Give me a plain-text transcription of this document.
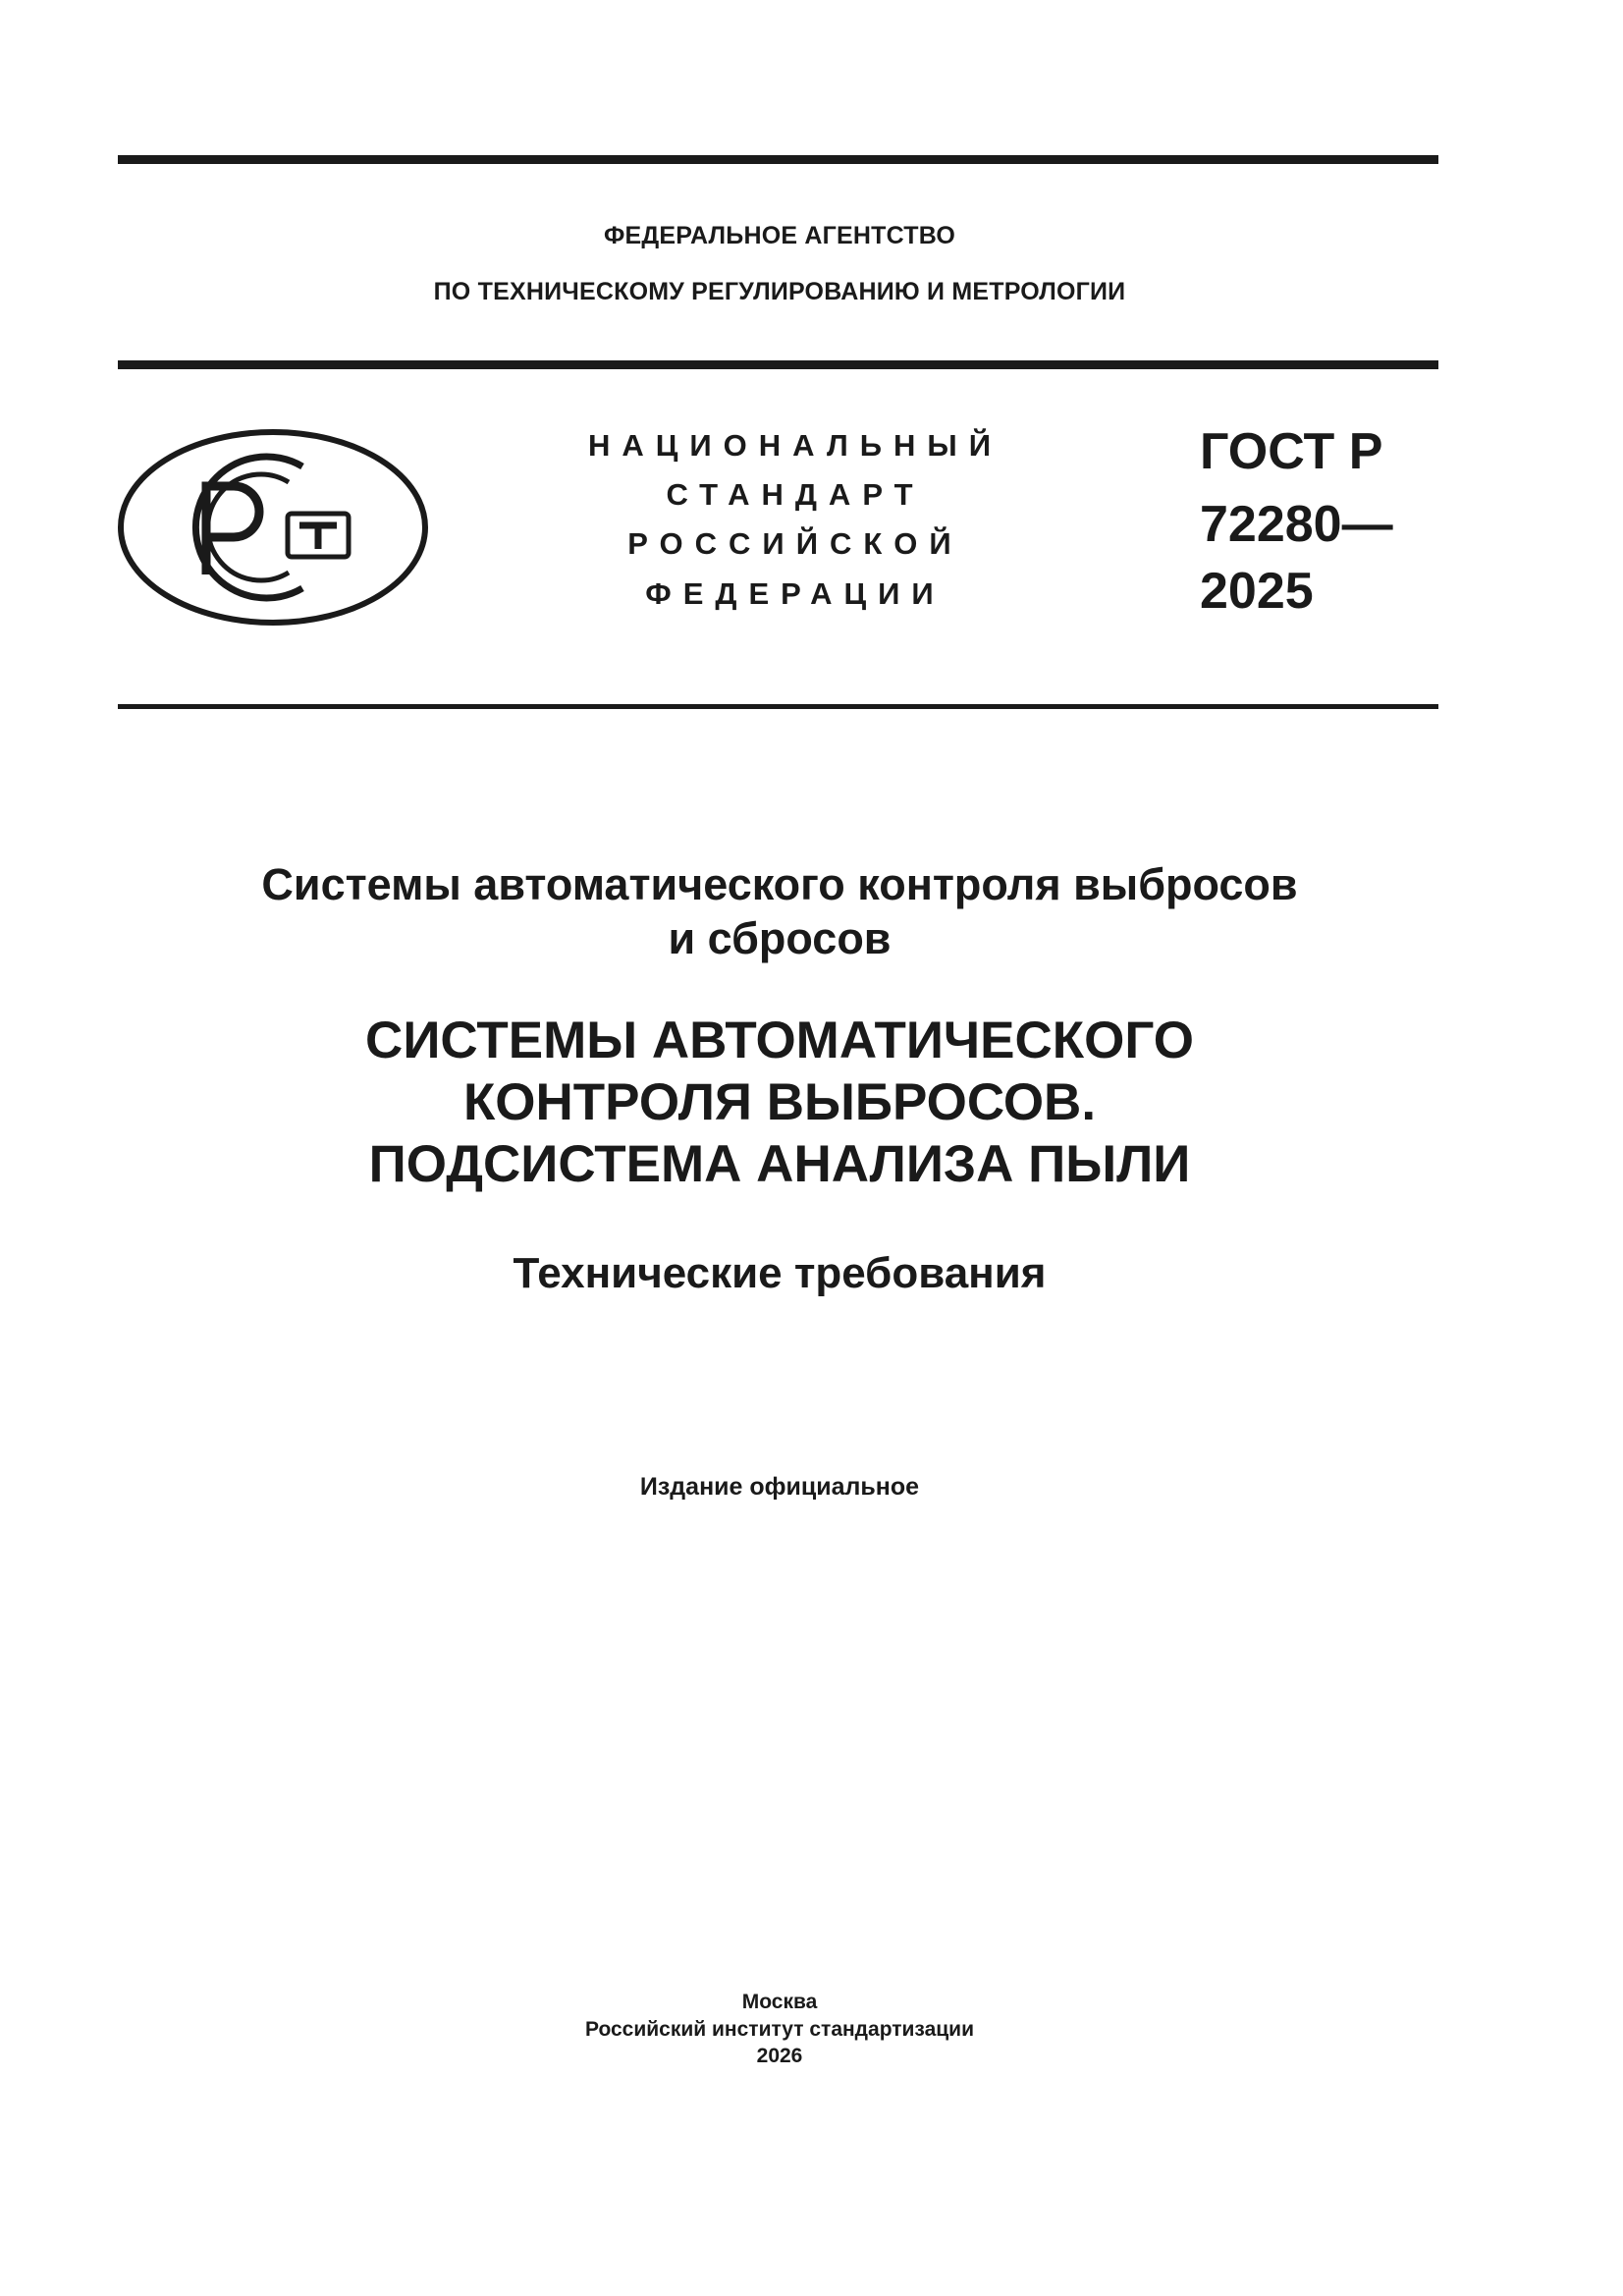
ФЕДЕРАЛЬНОЕ АГЕНТСТВО
ПО ТЕХНИЧЕСКОМУ РЕГУЛИРОВАНИЮ И МЕТРОЛОГИИ
НАЦИОНАЛЬНЫЙ
СТАНДАРТ
РОССИЙСКОЙ
ФЕДЕРАЦИИ
ГОСТ Р
72280—
2025
Системы автоматического контроля выбросов
и сбросов
СИСТЕМЫ АВТОМАТИЧЕСКОГО
КОНТРОЛЯ ВЫБРОСОВ.
ПОДСИСТЕМА АНАЛИЗА ПЫЛИ
Технические требования
Издание официальное
Москва
Российский институт стандартизации
2026
